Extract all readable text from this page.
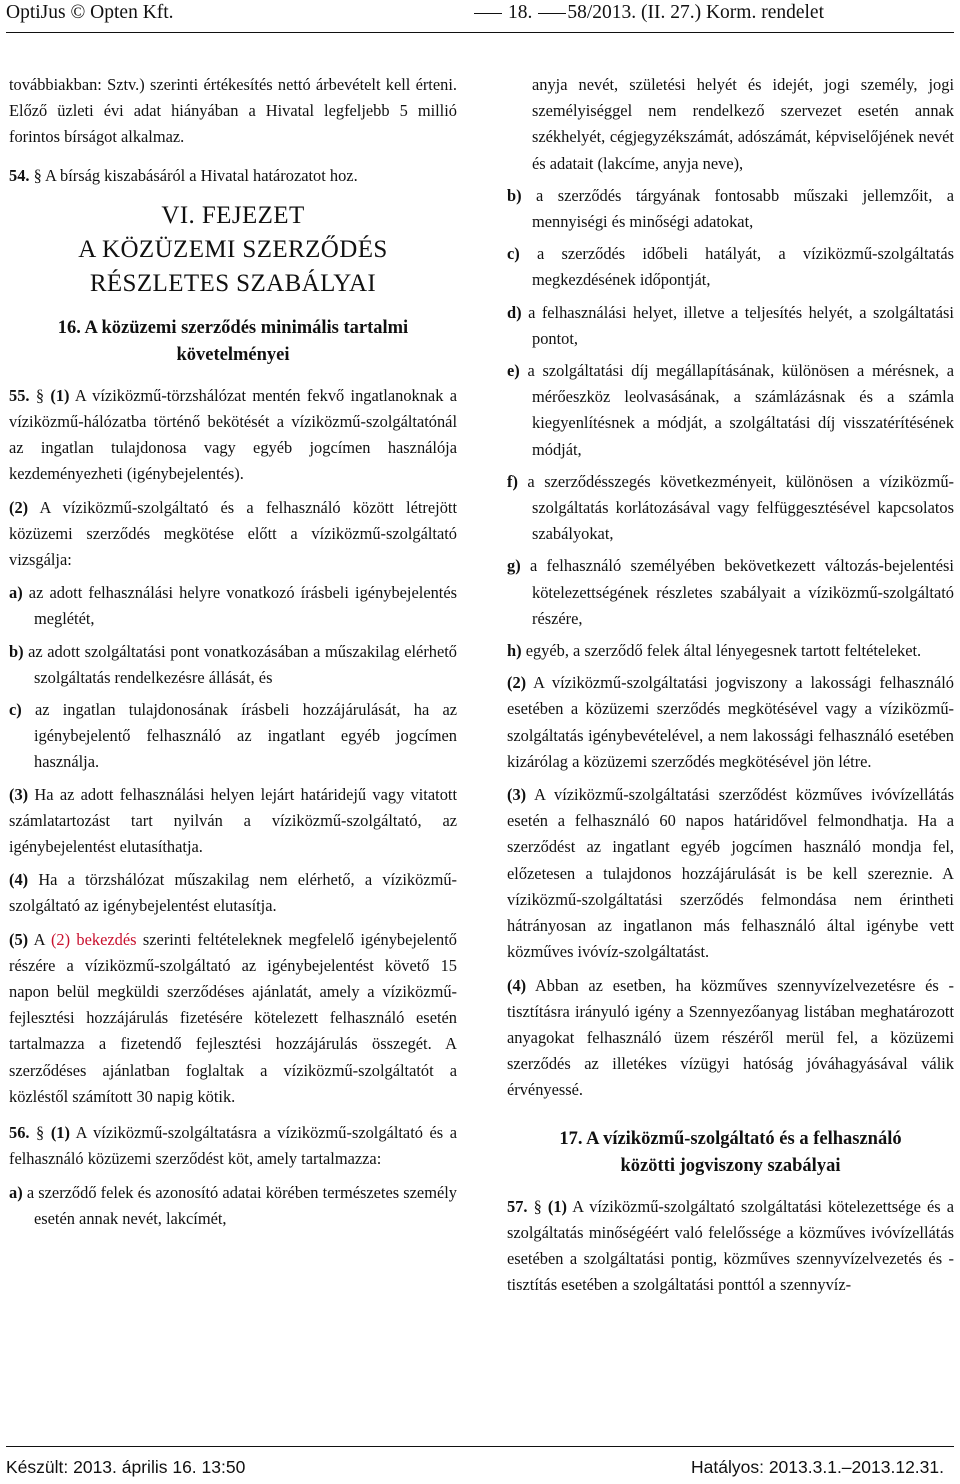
OptiJus © Opten Kft.	18.	58/2013. (II. 27.) Korm. rendelet

továbbiakban: Sztv.) szerinti értékesítés nettó árbevételt kell érteni. Előző üzleti évi adat hiányában a Hivatal legfeljebb 5 millió forintos bírságot alkalmaz.

54. § A bírság kiszabásáról a Hivatal határozatot hoz.

VI. FEJEZET
A KÖZÜZEMI SZERZŐDÉS
RÉSZLETES SZABÁLYAI
16. A közüzemi szerződés minimális tartalmi
követelményei

55. § (1) A víziközmű-törzshálózat mentén fekvő ingatlanoknak a víziközmű-hálózatba történő bekötését a víziközmű-szolgáltatónál az ingatlan tulajdonosa vagy egyéb jogcímen használója kezdeményezheti (igénybejelentés).

(2) A víziközmű-szolgáltató és a felhasználó között létrejött közüzemi szerződés megkötése előtt a víziközmű-szolgáltató vizsgálja:

a) az adott felhasználási helyre vonatkozó írásbeli igénybejelentés meglétét,
b) az adott szolgáltatási pont vonatkozásában a műszakilag elérhető szolgáltatás rendelkezésre állását, és
c) az ingatlan tulajdonosának írásbeli hozzájárulását, ha az igénybejelentő felhasználó az ingatlant egyéb jogcímen használja.

(3) Ha az adott felhasználási helyen lejárt határidejű vagy vitatott számlatartozást tart nyilván a víziközmű-szolgáltató, az igénybejelentést elutasíthatja.

(4) Ha a törzshálózat műszakilag nem elérhető, a víziközmű-szolgáltató az igénybejelentést elutasítja.

(5) A (2) bekezdés szerinti feltételeknek megfelelő igénybejelentő részére a víziközmű-szolgáltató az igénybejelentést követő 15 napon belül megküldi szerződéses ajánlatát, amely a víziközmű-fejlesztési hozzájárulás fizetésére kötelezett felhasználó esetén tartalmazza a fizetendő fejlesztési hozzájárulás összegét. A szerződéses ajánlatban foglaltak a víziközmű-szolgáltatót a közléstől számított 30 napig kötik.

56. § (1) A víziközmű-szolgáltatásra a víziközmű-szolgáltató és a felhasználó közüzemi szerződést köt, amely tartalmazza:

a) a szerződő felek és azonosító adatai körében természetes személy esetén annak nevét, lakcímét,
anyja nevét, születési helyét és idejét, jogi személy, jogi személyiséggel nem rendelkező szervezet esetén annak székhelyét, cégjegyzékszámát, adószámát, képviselőjének nevét és adatait (lakcíme, anyja neve),
b) a szerződés tárgyának fontosabb műszaki jellemzőit, a mennyiségi és minőségi adatokat,
c) a szerződés időbeli hatályát, a víziközmű-szolgáltatás megkezdésének időpontját,
d) a felhasználási helyet, illetve a teljesítés helyét, a szolgáltatási pontot,
e) a szolgáltatási díj megállapításának, különösen a mérésnek, a mérőeszköz leolvasásának, a számlázásnak és a számla kiegyenlítésnek a módját, a szolgáltatási díj visszatérítésének módját,
f) a szerződésszegés következményeit, különösen a víziközmű-szolgáltatás korlátozásával vagy felfüggesztésével kapcsolatos szabályokat,
g) a felhasználó személyében bekövetkezett változás-bejelentési kötelezettségének részletes szabályait a víziközmű-szolgáltató részére,
h) egyéb, a szerződő felek által lényegesnek tartott feltételeket.

(2) A víziközmű-szolgáltatási jogviszony a lakossági felhasználó esetében a közüzemi szerződés megkötésével vagy a víziközmű-szolgáltatás igénybevételével, a nem lakossági felhasználó esetében kizárólag a közüzemi szerződés megkötésével jön létre.

(3) A víziközmű-szolgáltatási szerződést közműves ivóvízellátás esetén a felhasználó 60 napos határidővel felmondhatja. Ha a szerződést az ingatlant egyéb jogcímen használó mondja fel, előzetesen a tulajdonos hozzájárulását is be kell szereznie. A víziközmű-szolgáltatási szerződés felmondása nem érintheti hátrányosan az ingatlanon más felhasználó által igénybe vett közműves ivóvíz-szolgáltatást.

(4) Abban az esetben, ha közműves szennyvízelvezetésre és -tisztításra irányuló igény a Szennyezőanyag listában meghatározott anyagokat felhasználó üzem részéről merül fel, a közüzemi szerződés az illetékes vízügyi hatóság jóváhagyásával válik érvényessé.

17. A víziközmű-szolgáltató és a felhasználó
közötti jogviszony szabályai

57. § (1) A víziközmű-szolgáltató szolgáltatási kötelezettsége és a szolgáltatás minőségéért való felelőssége a közműves ivóvízellátás esetében a szolgáltatási pontig, közműves szennyvízelvezetés és -tisztítás esetében a szolgáltatási ponttól a szennyvíz-

Készült: 2013. április 16. 13:50	Hatályos: 2013.3.1.–2013.12.31.
